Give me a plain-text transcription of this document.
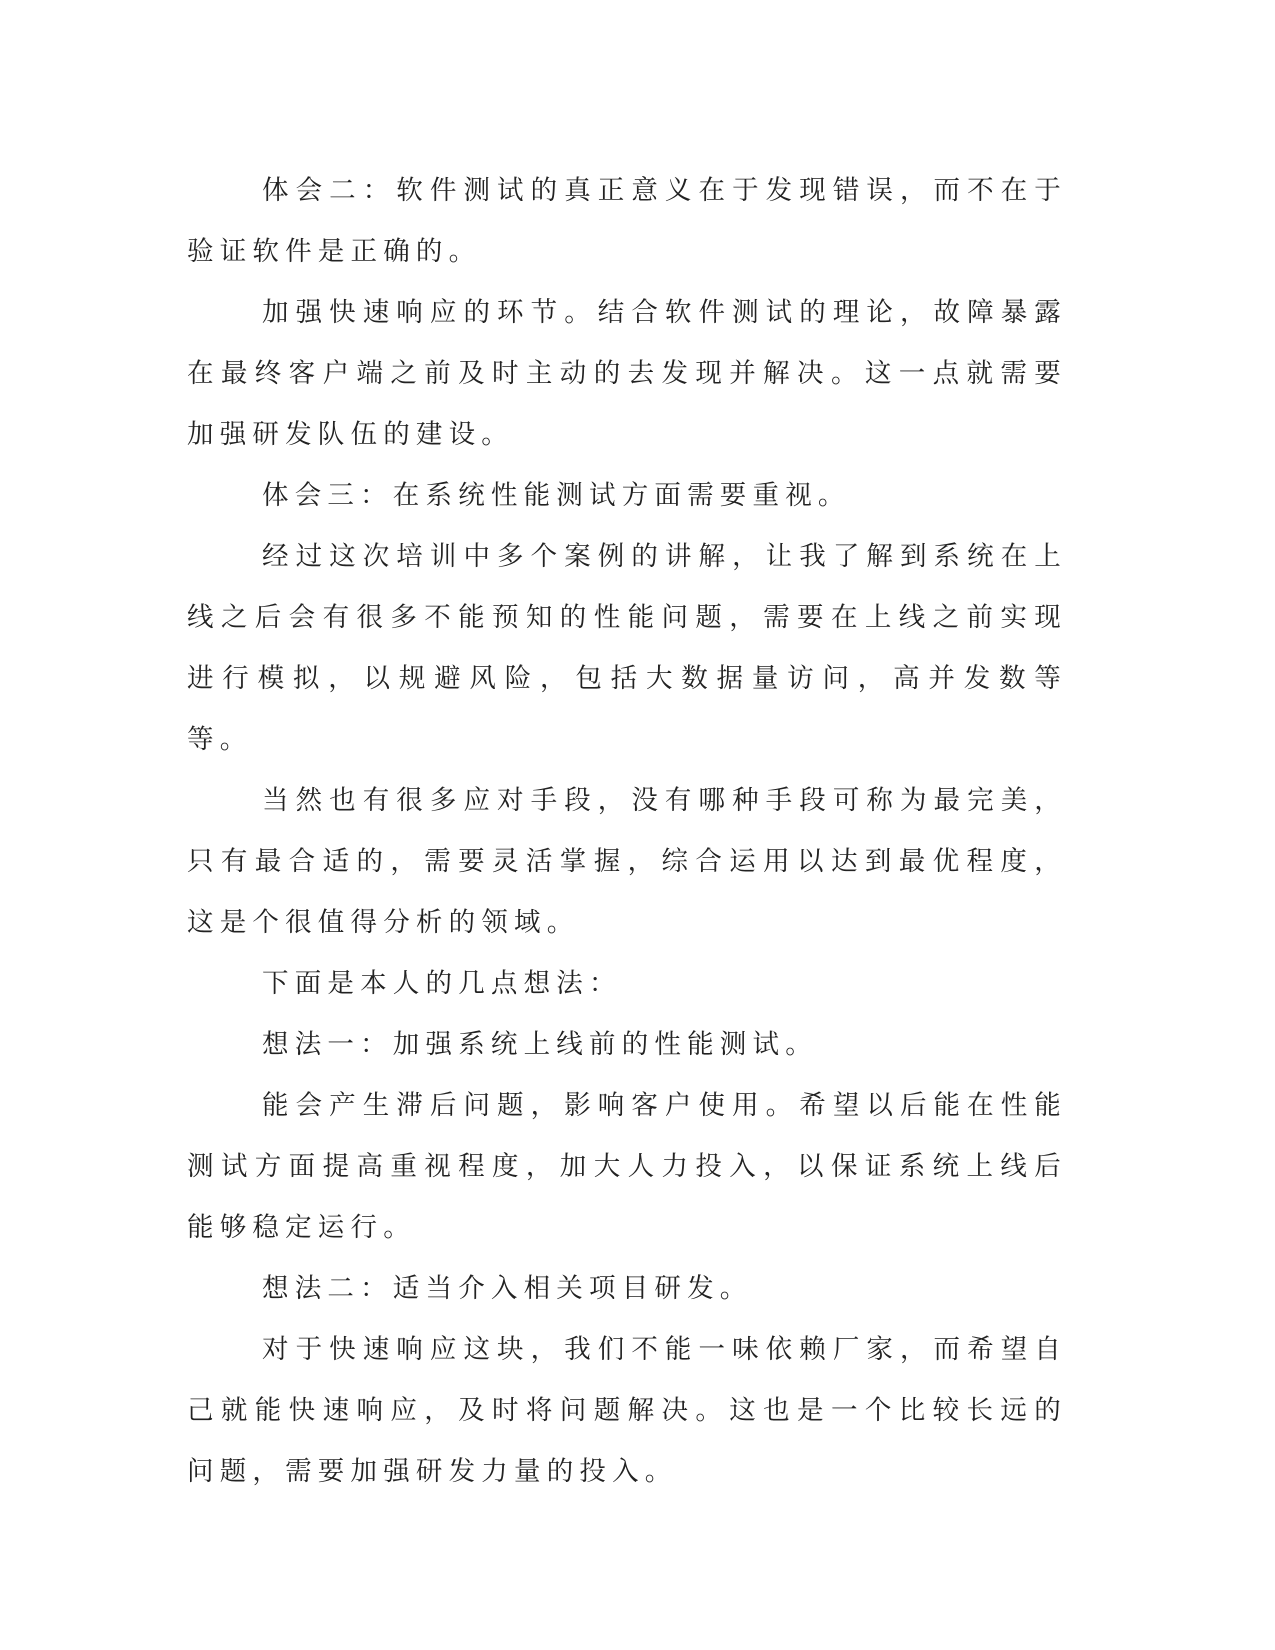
体会二：软件测试的真正意义在于发现错误，而不在于验证软件是正确的。

加强快速响应的环节。结合软件测试的理论，故障暴露在最终客户端之前及时主动的去发现并解决。这一点就需要加强研发队伍的建设。

体会三：在系统性能测试方面需要重视。

经过这次培训中多个案例的讲解，让我了解到系统在上线之后会有很多不能预知的性能问题，需要在上线之前实现进行模拟，以规避风险，包括大数据量访问，高并发数等等。

当然也有很多应对手段，没有哪种手段可称为最完美，只有最合适的，需要灵活掌握，综合运用以达到最优程度，这是个很值得分析的领域。

下面是本人的几点想法：

想法一：加强系统上线前的性能测试。

能会产生滞后问题，影响客户使用。希望以后能在性能测试方面提高重视程度，加大人力投入，以保证系统上线后能够稳定运行。

想法二：适当介入相关项目研发。

对于快速响应这块，我们不能一味依赖厂家，而希望自己就能快速响应，及时将问题解决。这也是一个比较长远的问题，需要加强研发力量的投入。
